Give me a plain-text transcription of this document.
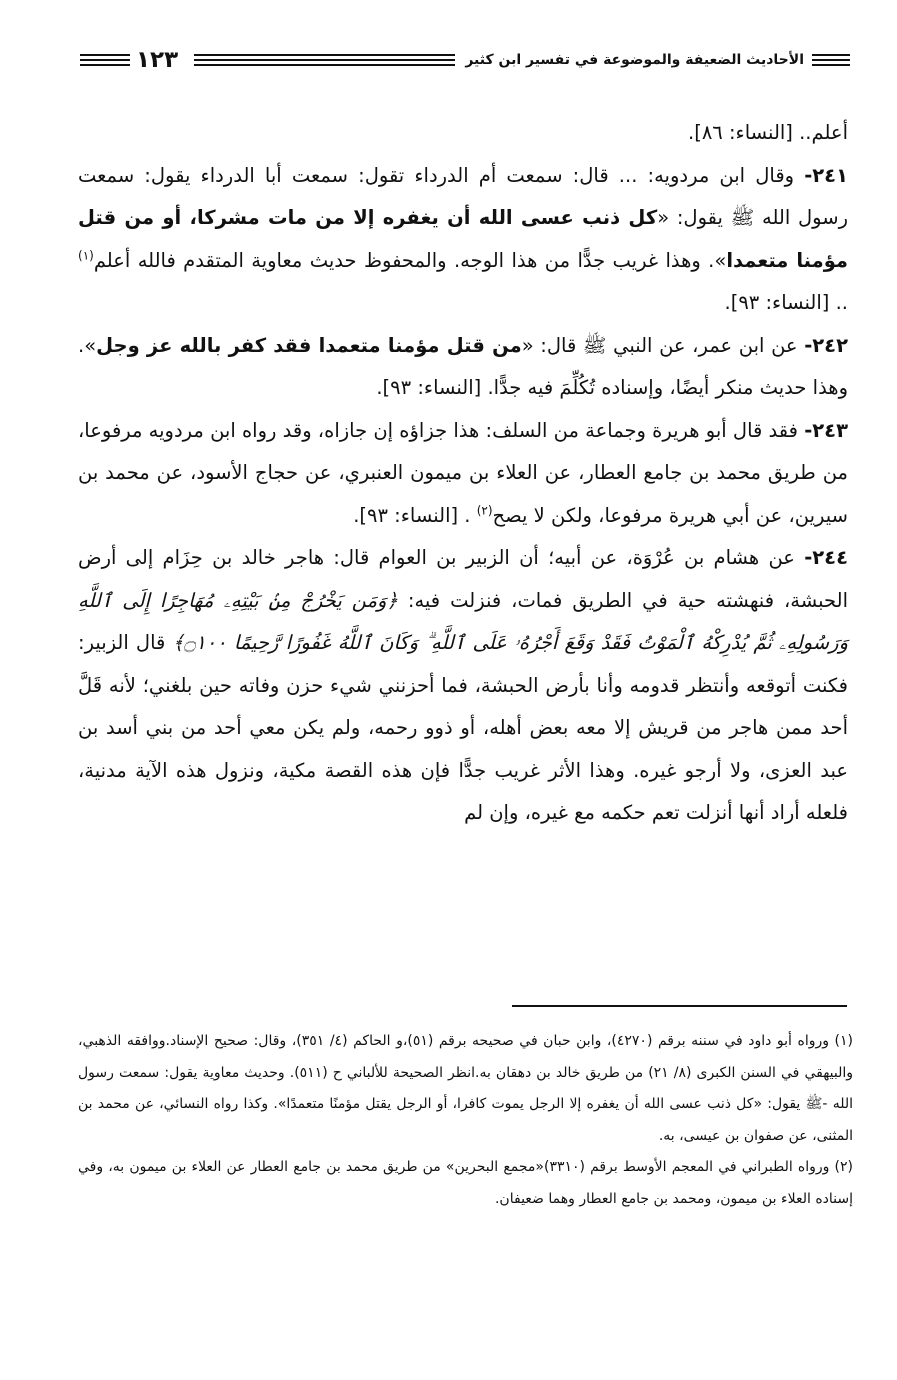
الأحاديث الضعيفة والموضوعة في تفسير ابن كثير
١٢٣

أعلم.. [النساء: ٨٦].

٢٤١- وقال ابن مردويه: ... قال: سمعت أم الدرداء تقول: سمعت أبا الدرداء يقول: سمعت رسول الله ﷺ يقول: «كل ذنب عسى الله أن يغفره إلا من مات مشركا، أو من قتل مؤمنا متعمدا». وهذا غريب جدًّا من هذا الوجه. والمحفوظ حديث معاوية المتقدم فالله أعلم$^{(١)}$ .. [النساء: ٩٣].

٢٤٢- عن ابن عمر، عن النبي ﷺ قال: «من قتل مؤمنا متعمدا فقد كفر بالله عز وجل». وهذا حديث منكر أيضًا، وإسناده تُكُلِّمَ فيه جدًّا. [النساء: ٩٣].

٢٤٣- فقد قال أبو هريرة وجماعة من السلف: هذا جزاؤه إن جازاه، وقد رواه ابن مردويه مرفوعا، من طريق محمد بن جامع العطار، عن العلاء بن ميمون العنبري، عن حجاج الأسود، عن محمد بن سيرين، عن أبي هريرة مرفوعا، ولكن لا يصح$^{(٢)}$ . [النساء: ٩٣].

٢٤٤- عن هشام بن عُرْوَة، عن أبيه؛ أن الزبير بن العوام قال: هاجر خالد بن حِزَام إلى أرض الحبشة، فنهشته حية في الطريق فمات، فنزلت فيه: ﴿وَمَن يَخْرُجْ مِنۢ بَيْتِهِۦ مُهَاجِرًا إِلَى ٱللَّهِ وَرَسُولِهِۦ ثُمَّ يُدْرِكْهُ ٱلْمَوْتُ فَقَدْ وَقَعَ أَجْرُهُۥ عَلَى ٱللَّهِ ۗ وَكَانَ ٱللَّهُ غَفُورًا رَّحِيمًا ۝١٠٠﴾ قال الزبير: فكنت أتوقعه وأنتظر قدومه وأنا بأرض الحبشة، فما أحزنني شيء حزن وفاته حين بلغني؛ لأنه قَلَّ أحد ممن هاجر من قريش إلا معه بعض أهله، أو ذوو رحمه، ولم يكن معي أحد من بني أسد بن عبد العزى، ولا أرجو غيره. وهذا الأثر غريب جدًّا فإن هذه القصة مكية، ونزول هذه الآية مدنية، فلعله أراد أنها أنزلت تعم حكمه مع غيره، وإن لم

(١) ورواه أبو داود في سننه برقم (٤٢٧٠)، وابن حبان في صحيحه برقم (٥١)،و الحاكم (٤/ ٣٥١)، وقال: صحيح الإسناد.ووافقه الذهبي، والبيهقي في السنن الكبرى (٨/ ٢١) من طريق خالد بن دهقان به.انظر الصحيحة للألباني ح (٥١١). وحديث معاوية يقول: سمعت رسول الله -ﷺ يقول: «كل ذنب عسى الله أن يغفره إلا الرجل يموت كافرا، أو الرجل يقتل مؤمنًا متعمدًا». وكذا رواه النسائي، عن محمد بن المثنى، عن صفوان بن عيسى، به.

(٢) ورواه الطبراني في المعجم الأوسط برقم (٣٣١٠)«مجمع البحرين» من طريق محمد بن جامع العطار عن العلاء بن ميمون به، وفي إسناده العلاء بن ميمون، ومحمد بن جامع العطار وهما ضعيفان.
